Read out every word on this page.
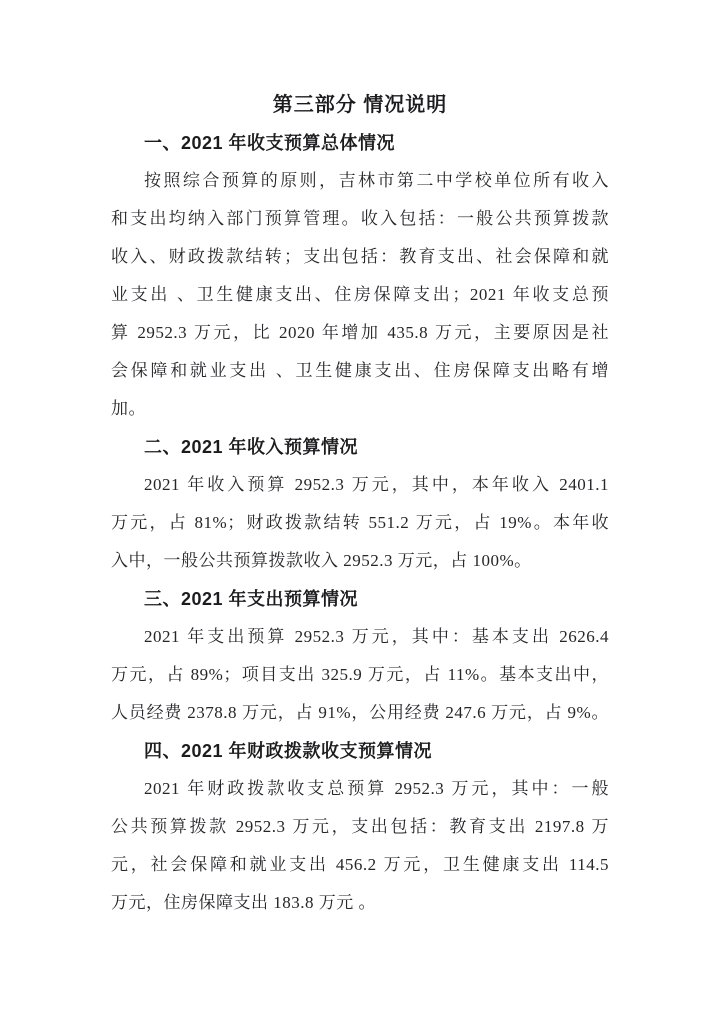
第三部分 情况说明
一、2021 年收支预算总体情况
按照综合预算的原则，吉林市第二中学校单位所有收入
和支出均纳入部门预算管理。收入包括：一般公共预算拨款
收入、财政拨款结转；支出包括：教育支出、社会保障和就
业支出 、卫生健康支出、住房保障支出；2021 年收支总预
算 2952.3 万元，比 2020 年增加 435.8 万元，主要原因是社
会保障和就业支出 、卫生健康支出、住房保障支出略有增
加。
二、2021 年收入预算情况
2021 年收入预算 2952.3 万元，其中，本年收入 2401.1
万元，占 81%；财政拨款结转 551.2 万元，占 19%。本年收
入中，一般公共预算拨款收入 2952.3 万元，占 100%。
三、2021 年支出预算情况
2021 年支出预算 2952.3 万元，其中：基本支出 2626.4
万元，占 89%；项目支出 325.9 万元，占 11%。基本支出中，
人员经费 2378.8 万元，占 91%，公用经费 247.6 万元，占 9%。
四、2021 年财政拨款收支预算情况
2021 年财政拨款收支总预算 2952.3 万元，其中：一般
公共预算拨款 2952.3 万元，支出包括：教育支出 2197.8 万
元，社会保障和就业支出 456.2 万元，卫生健康支出 114.5
万元，住房保障支出 183.8 万元 。
